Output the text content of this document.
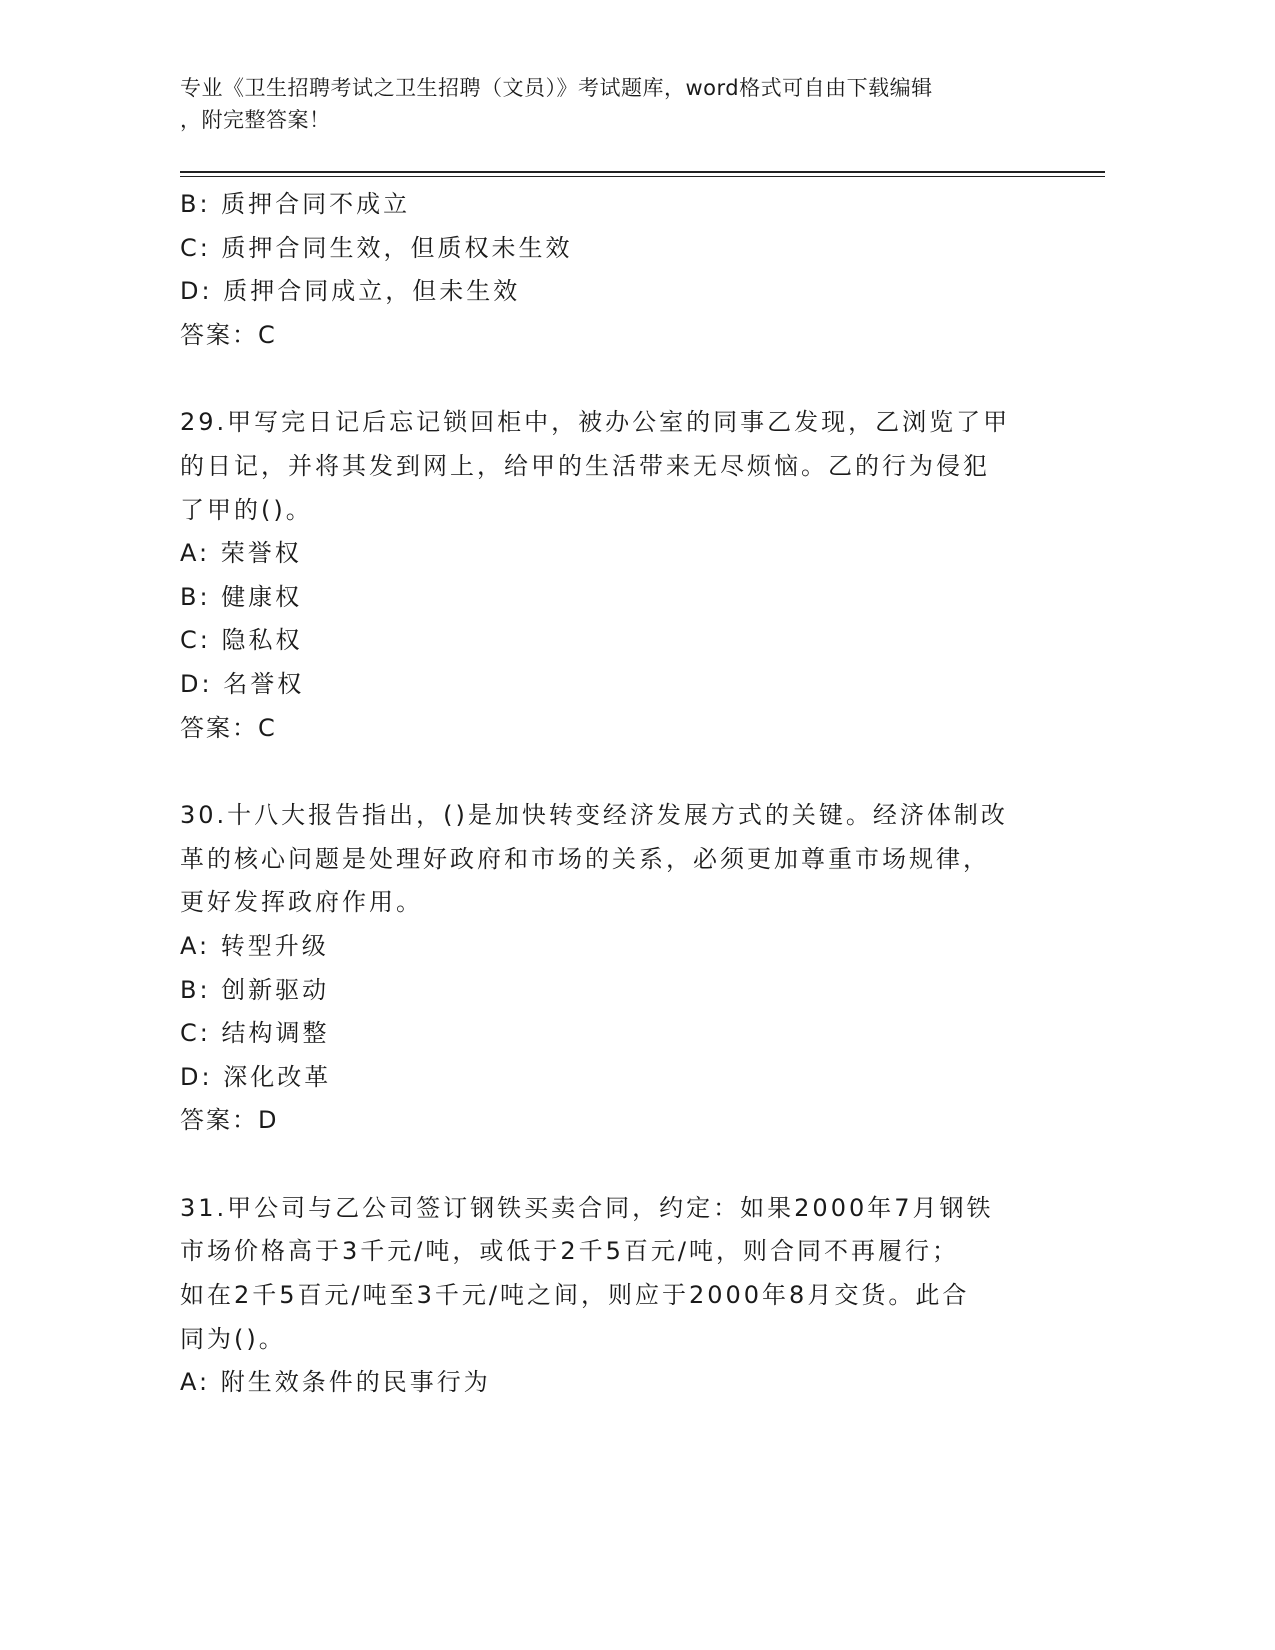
专业《卫生招聘考试之卫生招聘（文员）》考试题库，word格式可自由下载编辑
，附完整答案！
B: 质押合同不成立
C: 质押合同生效，但质权未生效
D: 质押合同成立，但未生效
答案：C
29.甲写完日记后忘记锁回柜中，被办公室的同事乙发现，乙浏览了甲
的日记，并将其发到网上，给甲的生活带来无尽烦恼。乙的行为侵犯
了甲的()。
A: 荣誉权
B: 健康权
C: 隐私权
D: 名誉权
答案：C
30.十八大报告指出，()是加快转变经济发展方式的关键。经济体制改
革的核心问题是处理好政府和市场的关系，必须更加尊重市场规律，
更好发挥政府作用。
A: 转型升级
B: 创新驱动
C: 结构调整
D: 深化改革
答案：D
31.甲公司与乙公司签订钢铁买卖合同，约定：如果2000年7月钢铁
市场价格高于3千元/吨，或低于2千5百元/吨，则合同不再履行；
如在2千5百元/吨至3千元/吨之间，则应于2000年8月交货。此合
同为()。
A: 附生效条件的民事行为
